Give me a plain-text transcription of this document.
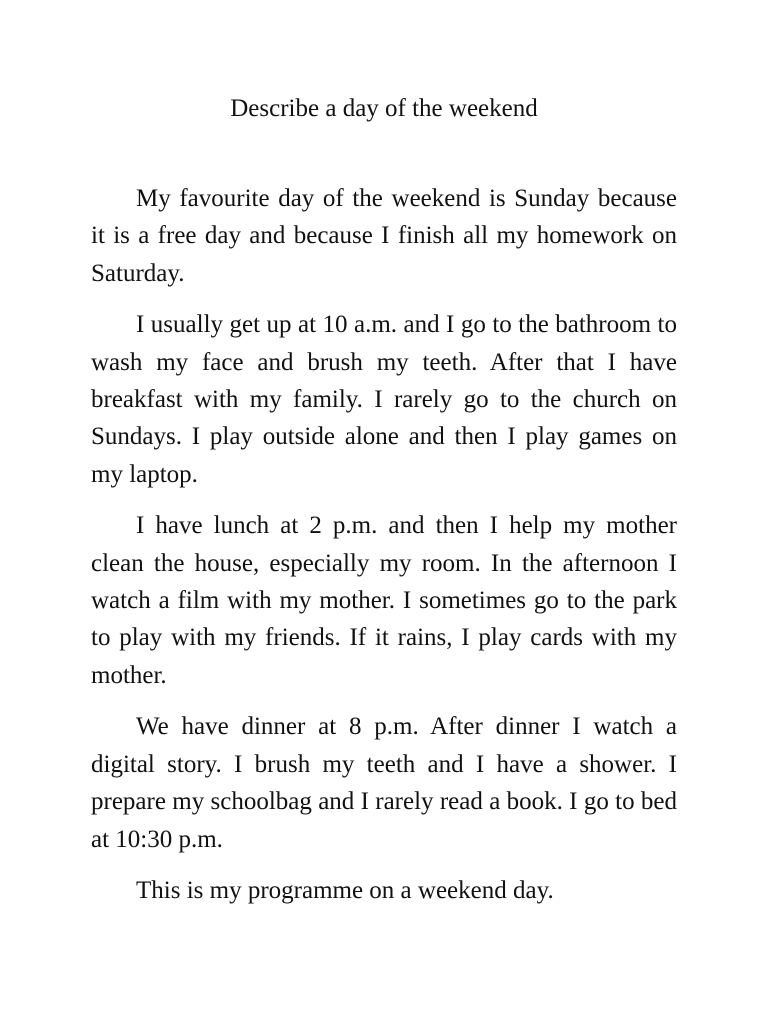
Describe a day of the weekend

My favourite day of the weekend is Sunday because it is a free day and because I finish all my homework on Saturday.

I usually get up at 10 a.m. and I go to the bathroom to wash my face and brush my teeth. After that I have breakfast with my family. I rarely go to the church on Sundays. I play outside alone and then I play games on my laptop.

I have lunch at 2 p.m. and then I help my mother clean the house, especially my room. In the afternoon I watch a film with my mother. I sometimes go to the park to play with my friends. If it rains, I play cards with my mother.

We have dinner at 8 p.m. After dinner I watch a digital story. I brush my teeth and I have a shower. I prepare my schoolbag and I rarely read a book. I go to bed at 10:30 p.m.

This is my programme on a weekend day.
